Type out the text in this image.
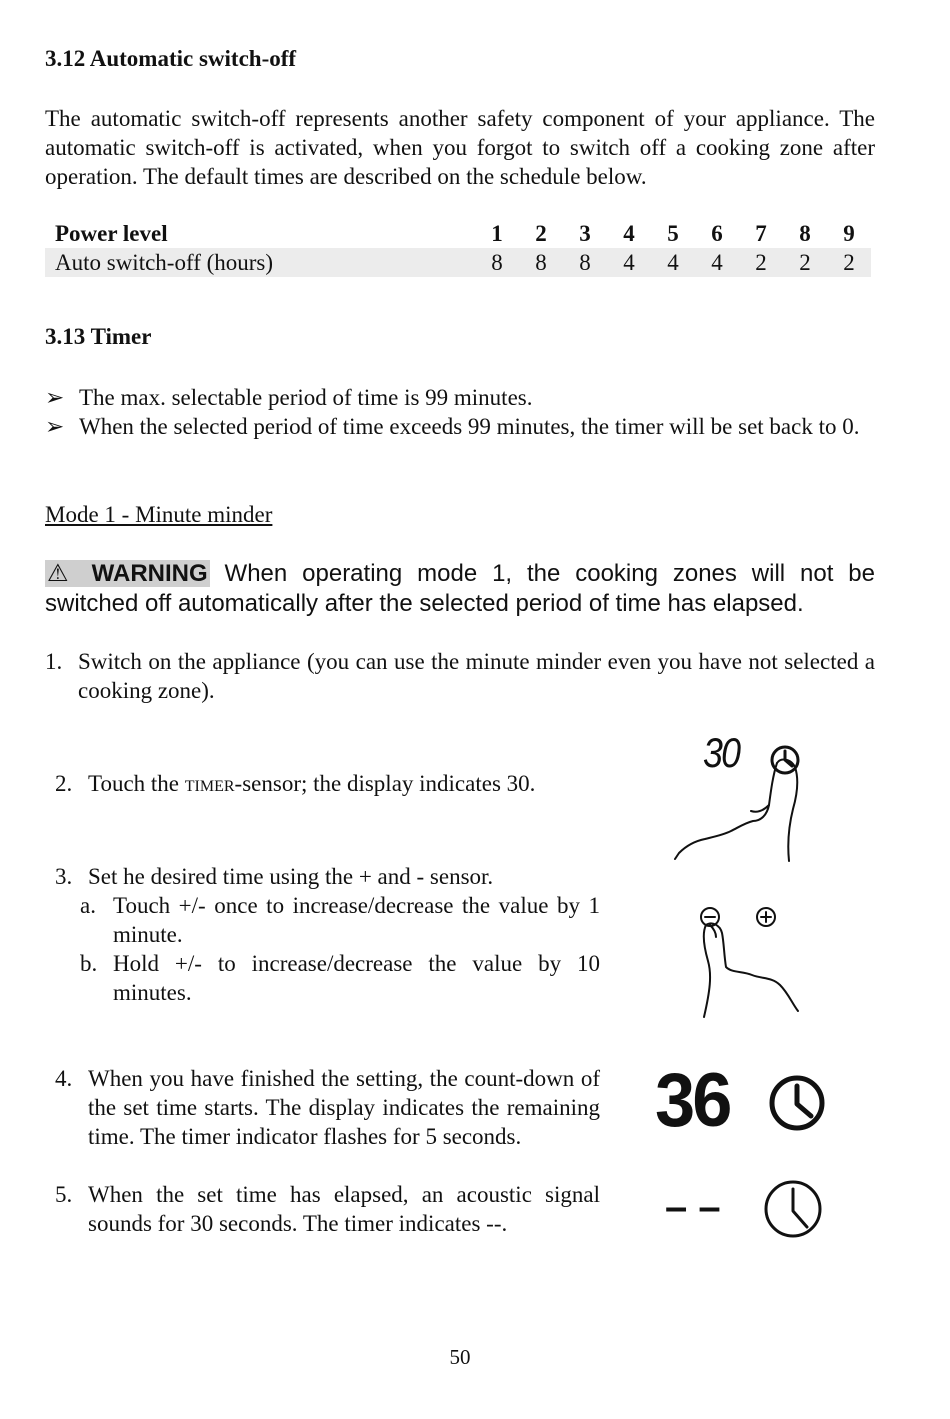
3.12 Automatic switch-off

The automatic switch-off represents another safety component of your appliance. The automatic switch-off is activated, when you forgot to switch off a cooking zone after operation. The default times are described on the schedule below.

Power level	1	2	3	4	5	6	7	8	9
Auto switch-off (hours)	8	8	8	4	4	4	2	2	2
3.13 Timer
➢ The max. selectable period of time is 99 minutes.
➢ When the selected period of time exceeds 99 minutes, the timer will be set back to 0.
Mode 1 - Minute minder
⚠ WARNING When operating mode 1, the cooking zones will not be switched off automatically after the selected period of time has elapsed.
1. Switch on the appliance (you can use the minute minder even you have not selected a cooking zone).
2. Touch the timer-sensor; the display indicates 30.
3. Set he desired time using the + and - sensor.
a. Touch +/- once to increase/decrease the value by 1 minute.
b. Hold +/- to increase/decrease the value by 10 minutes.
4. When you have finished the setting, the count-down of the set time starts. The display indicates the remaining time. The timer indicator flashes for 5 seconds.
5. When the set time has elapsed, an acoustic signal sounds for 30 seconds. The timer indicates --.
30
36
– –
50
